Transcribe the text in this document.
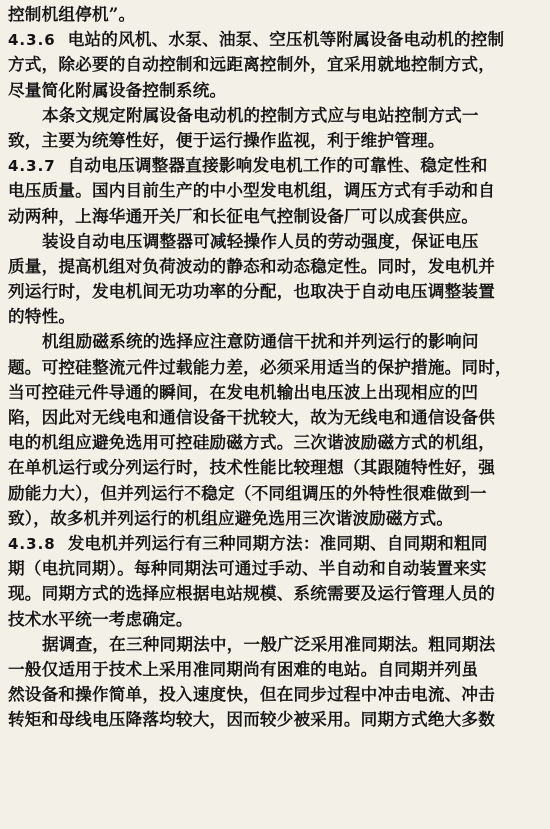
控制机组停机”。
4.3.6 电站的风机、水泵、油泵、空压机等附属设备电动机的控制
方式，除必要的自动控制和远距离控制外，宜采用就地控制方式，
尽量简化附属设备控制系统。
本条文规定附属设备电动机的控制方式应与电站控制方式一
致，主要为统筹性好，便于运行操作监视，利于维护管理。
4.3.7 自动电压调整器直接影响发电机工作的可靠性、稳定性和
电压质量。国内目前生产的中小型发电机组，调压方式有手动和自
动两种，上海华通开关厂和长征电气控制设备厂可以成套供应。
装设自动电压调整器可减轻操作人员的劳动强度，保证电压
质量，提高机组对负荷波动的静态和动态稳定性。同时，发电机并
列运行时，发电机间无功功率的分配，也取决于自动电压调整装置
的特性。
机组励磁系统的选择应注意防通信干扰和并列运行的影响问
题。可控硅整流元件过载能力差，必须采用适当的保护措施。同时，
当可控硅元件导通的瞬间，在发电机输出电压波上出现相应的凹
陷，因此对无线电和通信设备干扰较大，故为无线电和通信设备供
电的机组应避免选用可控硅励磁方式。三次谐波励磁方式的机组，
在单机运行或分列运行时，技术性能比较理想（其跟随特性好，强
励能力大），但并列运行不稳定（不同组调压的外特性很难做到一
致），故多机并列运行的机组应避免选用三次谐波励磁方式。
4.3.8 发电机并列运行有三种同期方法：准同期、自同期和粗同
期（电抗同期）。每种同期法可通过手动、半自动和自动装置来实
现。同期方式的选择应根据电站规模、系统需要及运行管理人员的
技术水平统一考虑确定。
据调查，在三种同期法中，一般广泛采用准同期法。粗同期法
一般仅适用于技术上采用准同期尚有困难的电站。自同期并列虽
然设备和操作简单，投入速度快，但在同步过程中冲击电流、冲击
转矩和母线电压降落均较大，因而较少被采用。同期方式绝大多数
